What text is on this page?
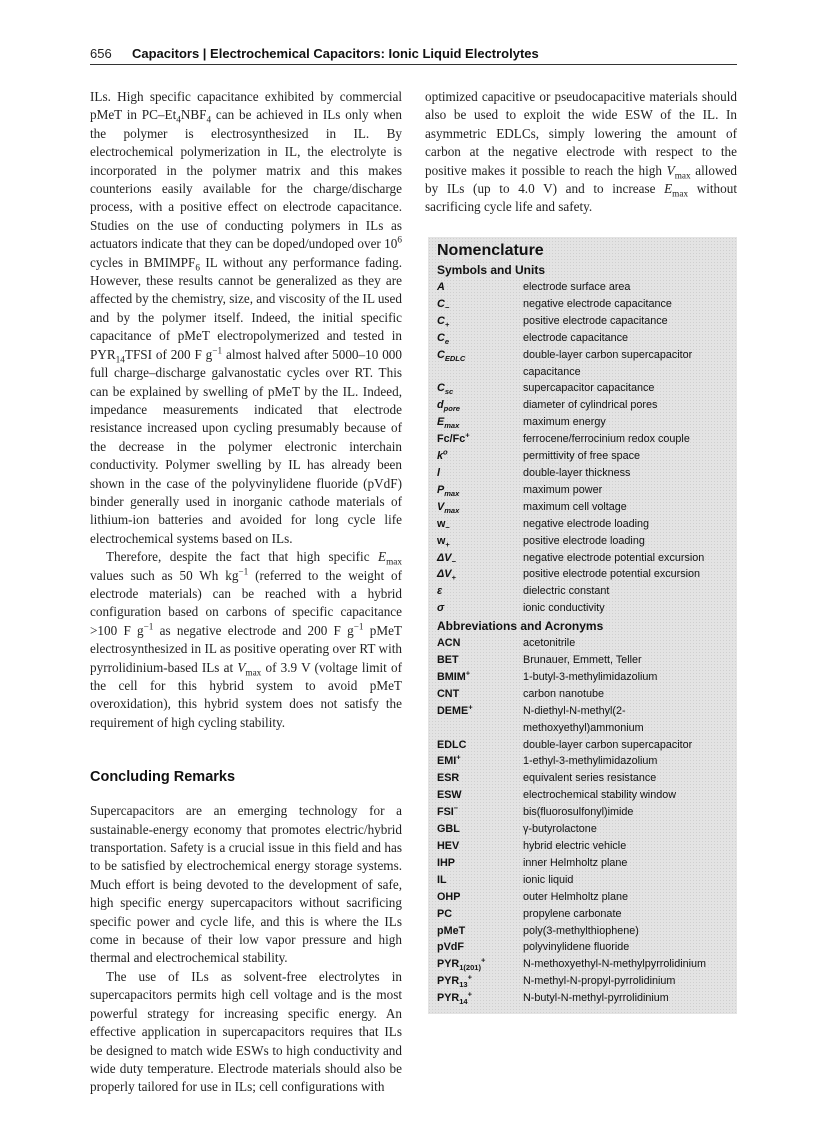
656 Capacitors | Electrochemical Capacitors: Ionic Liquid Electrolytes

ILs. High specific capacitance exhibited by commercial pMeT in $PC-Et_4NBF_4$ can be achieved in ILs only when the polymer is electrosynthesized in IL. By electrochemical polymerization in IL, the electrolyte is incorporated in the polymer matrix and this makes counterions easily available for the charge/discharge process, with a positive effect on electrode capacitance. Studies on the use of conducting polymers in ILs as actuators indicate that they can be doped/undoped over $10^6$ cycles in $BMIMPF_6$ IL without any performance fading. However, these results cannot be generalized as they are affected by the chemistry, size, and viscosity of the IL used and by the polymer itself. Indeed, the initial specific capacitance of pMeT electropolymerized and tested in $PYR_{14}TFSI$ of 200 F $g^{-1}$ almost halved after 5000–10 000 full charge–discharge galvanostatic cycles over RT. This can be explained by swelling of pMeT by the IL. Indeed, impedance measurements indicated that electrode resistance increased upon cycling presumably because of the decrease in the polymer electronic interchain conductivity. Polymer swelling by IL has already been shown in the case of the polyvinylidene fluoride (pVdF) binder generally used in inorganic cathode materials of lithium-ion batteries and avoided for long cycle life electrochemical systems based on ILs.

Therefore, despite the fact that high specific $E_{max}$ values such as 50 Wh $kg^{-1}$ (referred to the weight of electrode materials) can be reached with a hybrid configuration based on carbons of specific capacitance >100 F $g^{-1}$ as negative electrode and 200 F $g^{-1}$ pMeT electrosynthesized in IL as positive operating over RT with pyrrolidinium-based ILs at $V_{max}$ of 3.9 V (voltage limit of the cell for this hybrid system to avoid pMeT overoxidation), this hybrid system does not satisfy the requirement of high cycling stability.

Concluding Remarks

Supercapacitors are an emerging technology for a sustainable-energy economy that promotes electric/hybrid transportation. Safety is a crucial issue in this field and has to be satisfied by electrochemical energy storage systems. Much effort is being devoted to the development of safe, high specific energy supercapacitors without sacrificing specific power and cycle life, and this is where the ILs come in because of their low vapor pressure and high thermal and electrochemical stability.

The use of ILs as solvent-free electrolytes in supercapacitors permits high cell voltage and is the most powerful strategy for increasing specific energy. An effective application in supercapacitors requires that ILs be designed to match wide ESWs to high conductivity and wide duty temperature. Electrode materials should also be properly tailored for use in ILs; cell configurations with

optimized capacitive or pseudocapacitive materials should also be used to exploit the wide ESW of the IL. In asymmetric EDLCs, simply lowering the amount of carbon at the negative electrode with respect to the positive makes it possible to reach the high $V_{max}$ allowed by ILs (up to 4.0 V) and to increase $E_{max}$ without sacrificing cycle life and safety.

Nomenclature
Symbols and Units
A	electrode surface area
$C_-$	negative electrode capacitance
$C_+$	positive electrode capacitance
$C_e$	electrode capacitance
$C_{EDLC}$	double-layer carbon supercapacitor capacitance
$C_{sc}$	supercapacitor capacitance
$d_{pore}$	diameter of cylindrical pores
$E_{max}$	maximum energy
Fc/Fc+	ferrocene/ferrocinium redox couple
$k^o$	permittivity of free space
l	double-layer thickness
$P_{max}$	maximum power
$V_{max}$	maximum cell voltage
$w_-$	negative electrode loading
$w_+$	positive electrode loading
$\Delta V_-$	negative electrode potential excursion
$\Delta V_+$	positive electrode potential excursion
ε	dielectric constant
σ	ionic conductivity
Abbreviations and Acronyms
ACN	acetonitrile
BET	Brunauer, Emmett, Teller
BMIM+	1-butyl-3-methylimidazolium
CNT	carbon nanotube
DEME+	N-diethyl-N-methyl(2-methoxyethyl)ammonium
EDLC	double-layer carbon supercapacitor
EMI+	1-ethyl-3-methylimidazolium
ESR	equivalent series resistance
ESW	electrochemical stability window
FSI−	bis(fluorosulfonyl)imide
GBL	γ-butyrolactone
HEV	hybrid electric vehicle
IHP	inner Helmholtz plane
IL	ionic liquid
OHP	outer Helmholtz plane
PC	propylene carbonate
pMeT	poly(3-methylthiophene)
pVdF	polyvinylidene fluoride
$PYR_{1(201)}^+$	N-methoxyethyl-N-methylpyrrolidinium
$PYR_{13}^+$	N-methyl-N-propyl-pyrrolidinium
$PYR_{14}^+$	N-butyl-N-methyl-pyrrolidinium
